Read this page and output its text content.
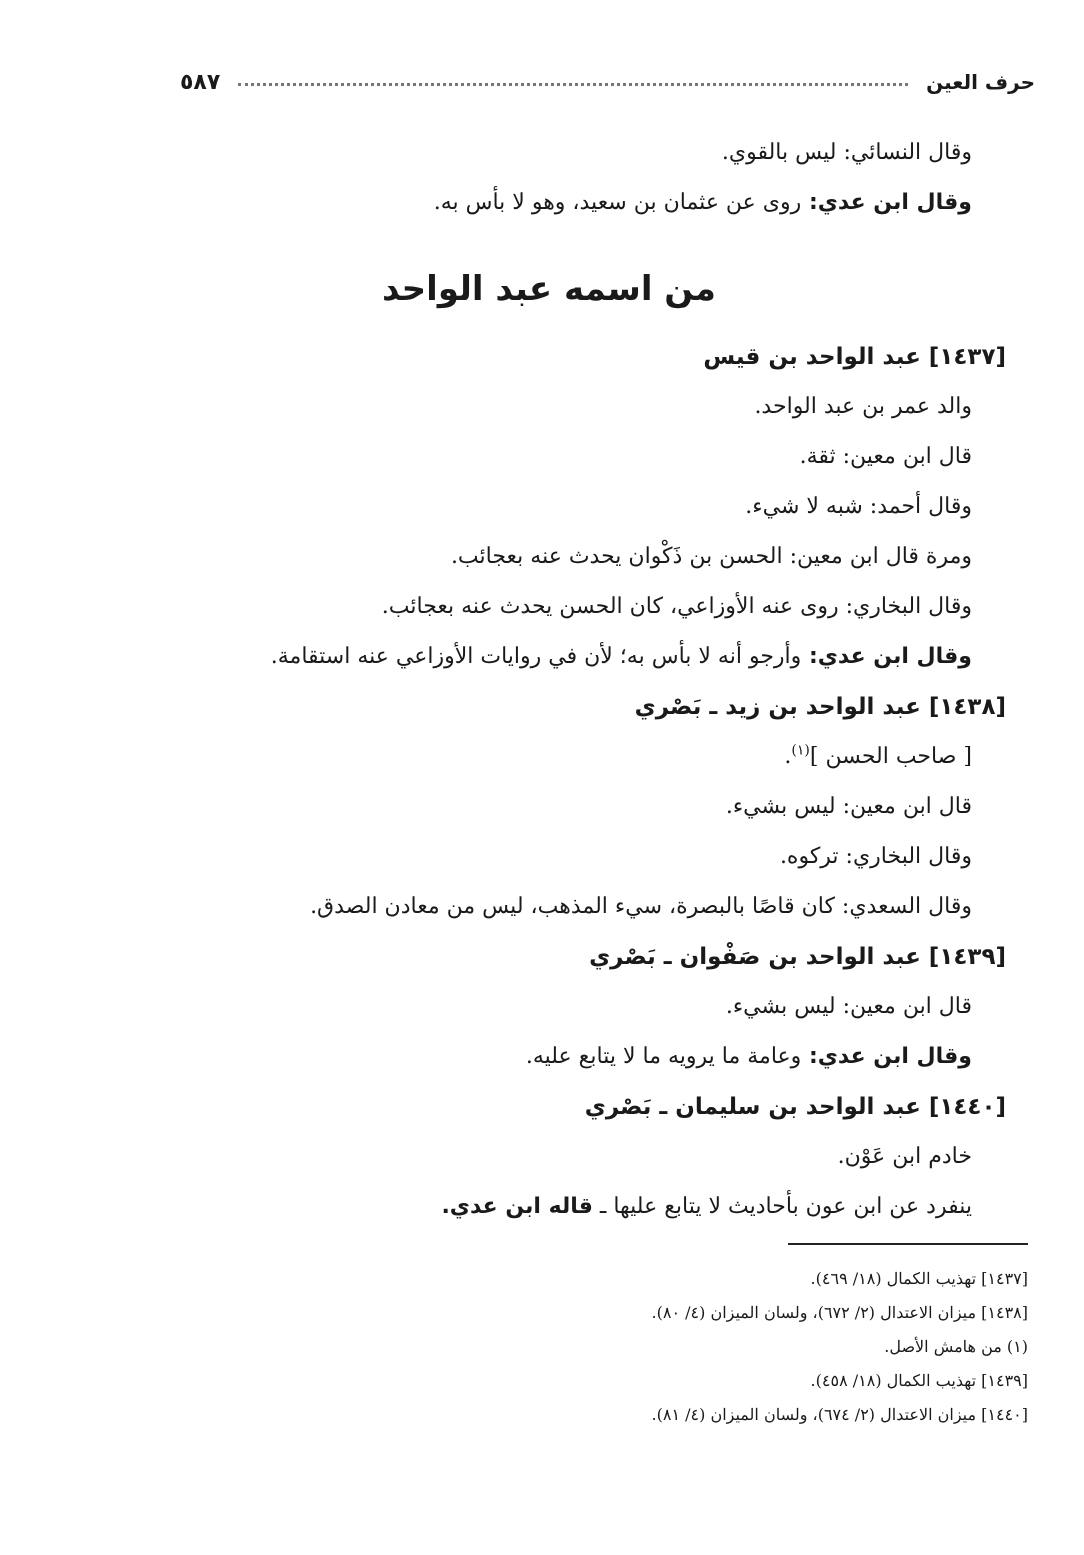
حرف العين
٥٨٧
وقال النسائي: ليس بالقوي.
وقال ابن عدي: روى عن عثمان بن سعيد، وهو لا بأس به.
من اسمه عبد الواحد
[١٤٣٧] عبد الواحد بن قيس
والد عمر بن عبد الواحد.
قال ابن معين: ثقة.
وقال أحمد: شبه لا شيء.
ومرة قال ابن معين: الحسن بن ذَكْوان يحدث عنه بعجائب.
وقال البخاري: روى عنه الأوزاعي، كان الحسن يحدث عنه بعجائب.
وقال ابن عدي: وأرجو أنه لا بأس به؛ لأن في روايات الأوزاعي عنه استقامة.
[١٤٣٨] عبد الواحد بن زيد ـ بَصْري
[ صاحب الحسن ]$^{(١)}$.
قال ابن معين: ليس بشيء.
وقال البخاري: تركوه.
وقال السعدي: كان قاصًا بالبصرة، سيء المذهب، ليس من معادن الصدق.
[١٤٣٩] عبد الواحد بن صَفْوان ـ بَصْري
قال ابن معين: ليس بشيء.
وقال ابن عدي: وعامة ما يرويه ما لا يتابع عليه.
[١٤٤٠] عبد الواحد بن سليمان ـ بَصْري
خادم ابن عَوْن.
ينفرد عن ابن عون بأحاديث لا يتابع عليها ـ قاله ابن عدي.
[١٤٣٧] تهذيب الكمال (١٨/ ٤٦٩).
[١٤٣٨] ميزان الاعتدال (٢/ ٦٧٢)، ولسان الميزان (٤/ ٨٠).
(١) من هامش الأصل.
[١٤٣٩] تهذيب الكمال (١٨/ ٤٥٨).
[١٤٤٠] ميزان الاعتدال (٢/ ٦٧٤)، ولسان الميزان (٤/ ٨١).
